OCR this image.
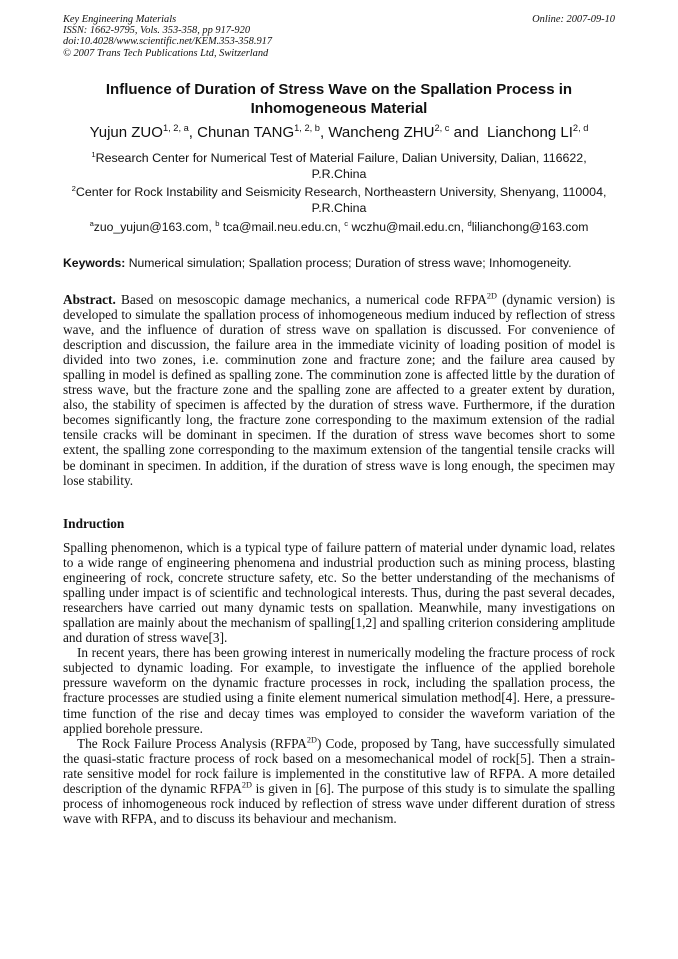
Key Engineering Materials
ISSN: 1662-9795, Vols. 353-358, pp 917-920
doi:10.4028/www.scientific.net/KEM.353-358.917
© 2007 Trans Tech Publications Ltd, Switzerland
Online: 2007-09-10
Influence of Duration of Stress Wave on the Spallation Process in Inhomogeneous Material
Yujun ZUO$^{1, 2, a}$, Chunan TANG$^{1, 2, b}$, Wancheng ZHU$^{2, c}$ and  Lianchong LI$^{2, d}$
$^1$Research Center for Numerical Test of Material Failure, Dalian University, Dalian, 116622, P.R.China
$^2$Center for Rock Instability and Seismicity Research, Northeastern University, Shenyang, 110004, P.R.China
$^a$zuo_yujun@163.com, $^b$ tca@mail.neu.edu.cn, $^c$ wczhu@mail.edu.cn, $^d$lilianchong@163.com
Keywords: Numerical simulation; Spallation process; Duration of stress wave; Inhomogeneity.
Abstract. Based on mesoscopic damage mechanics, a numerical code $RFPA^{2D}$ (dynamic version) is developed to simulate the spallation process of inhomogeneous medium induced by reflection of stress wave, and the influence of duration of stress wave on spallation is discussed. For convenience of description and discussion, the failure area in the immediate vicinity of loading position of model is divided into two zones, i.e. comminution zone and fracture zone; and the failure area caused by spalling in model is defined as spalling zone. The comminution zone is affected little by the duration of stress wave, but the fracture zone and the spalling zone are affected to a greater extent by duration, also, the stability of specimen is affected by the duration of stress wave. Furthermore, if the duration becomes significantly long, the fracture zone corresponding to the maximum extension of the radial tensile cracks will be dominant in specimen. If the duration of stress wave becomes short to some extent, the spalling zone corresponding to the maximum extension of the tangential tensile cracks will be dominant in specimen. In addition, if the duration of stress wave is long enough, the specimen may lose stability.
Indruction

Spalling phenomenon, which is a typical type of failure pattern of material under dynamic load, relates to a wide range of engineering phenomena and industrial production such as mining process, blasting engineering of rock, concrete structure safety, etc. So the better understanding of the mechanisms of spalling under impact is of scientific and technological interests. Thus, during the past several decades, researchers have carried out many dynamic tests on spallation. Meanwhile, many investigations on spallation are mainly about the mechanism of spalling[1,2] and spalling criterion considering amplitude and duration of stress wave[3].

In recent years, there has been growing interest in numerically modeling the fracture process of rock subjected to dynamic loading. For example, to investigate the influence of the applied borehole pressure waveform on the dynamic fracture processes in rock, including the spallation process, the fracture processes are studied using a finite element numerical simulation method[4]. Here, a pressure-time function of the rise and decay times was employed to consider the waveform variation of the applied borehole pressure.

The Rock Failure Process Analysis $(RFPA^{2D})$ Code, proposed by Tang, have successfully simulated the quasi-static fracture process of rock based on a mesomechanical model of rock[5]. Then a strain-rate sensitive model for rock failure is implemented in the constitutive law of RFPA. A more detailed description of the dynamic $RFPA^{2D}$ is given in [6]. The purpose of this study is to simulate the spalling process of inhomogeneous rock induced by reflection of stress wave under different duration of stress wave with RFPA, and to discuss its behaviour and mechanism.
